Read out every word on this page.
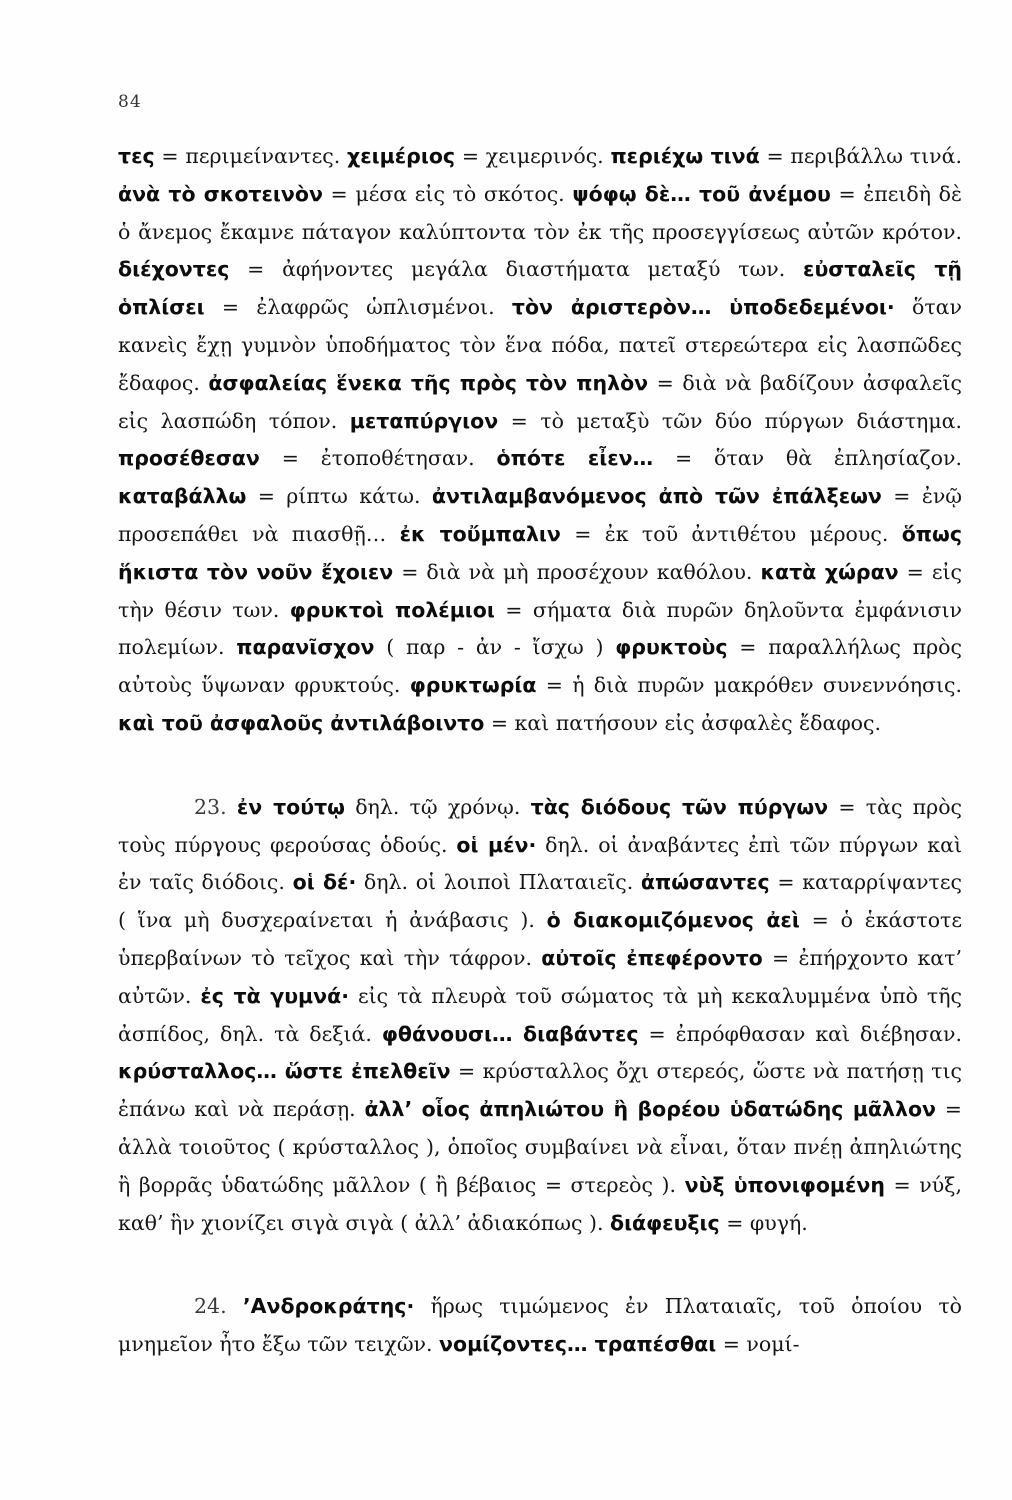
84

τες = περιμείναντες. χειμέριος = χειμερινός. περιέχω τινά = περιβάλλω τινά. ἀνὰ τὸ σκοτεινὸν = μέσα εἰς τὸ σκότος. ψόφῳ δὲ… τοῦ ἀνέμου = ἐπειδὴ δὲ ὁ ἄνεμος ἔκαμνε πάταγον καλύπτοντα τὸν ἐκ τῆς προσεγγίσεως αὐτῶν κρότον. διέχοντες = ἀφήνοντες μεγάλα διαστήματα μεταξύ των. εὐσταλεῖς τῇ ὁπλίσει = ἐλαφρῶς ὡπλισμένοι. τὸν ἀριστερὸν… ὑποδεδεμένοι· ὅταν κανεὶς ἔχῃ γυμνὸν ὑποδήματος τὸν ἕνα πόδα, πατεῖ στερεώτερα εἰς λασπῶδες ἔδαφος. ἀσφαλείας ἕνεκα τῆς πρὸς τὸν πηλὸν = διὰ νὰ βαδίζουν ἀσφαλεῖς εἰς λασπώδη τόπον. μεταπύργιον = τὸ μεταξὺ τῶν δύο πύργων διάστημα. προσέθεσαν = ἐτοποθέτησαν. ὁπότε εἶεν… = ὅταν θὰ ἐπλησίαζον. καταβάλλω = ρίπτω κάτω. ἀντιλαμβανόμενος ἀπὸ τῶν ἐπάλξεων = ἐνῷ προσεπάθει νὰ πιασθῇ… ἐκ τοὔμπαλιν = ἐκ τοῦ ἀντιθέτου μέρους. ὅπως ἥκιστα τὸν νοῦν ἔχοιεν = διὰ νὰ μὴ προσέχουν καθόλου. κατὰ χώραν = εἰς τὴν θέσιν των. φρυκτοὶ πολέμιοι = σήματα διὰ πυρῶν δηλοῦντα ἐμφάνισιν πολεμίων. παρανῖσχον ( παρ - ἀν - ἴσχω ) φρυκτοὺς = παραλλήλως πρὸς αὐτοὺς ὕψωναν φρυκτούς. φρυκτωρία = ἡ διὰ πυρῶν μακρόθεν συνεννόησις. καὶ τοῦ ἀσφαλοῦς ἀντιλάβοιντο = καὶ πατήσουν εἰς ἀσφαλὲς ἔδαφος.

23. ἐν τούτῳ δηλ. τῷ χρόνῳ. τὰς διόδους τῶν πύργων = τὰς πρὸς τοὺς πύργους φερούσας ὁδούς. οἱ μέν· δηλ. οἱ ἀναβάντες ἐπὶ τῶν πύργων καὶ ἐν ταῖς διόδοις. οἱ δέ· δηλ. οἱ λοιποὶ Πλαταιεῖς. ἀπώσαντες = καταρρίψαντες ( ἵνα μὴ δυσχεραίνεται ἡ ἀνάβασις ). ὁ διακομιζόμενος ἀεὶ = ὁ ἑκάστοτε ὑπερβαίνων τὸ τεῖχος καὶ τὴν τάφρον. αὐτοῖς ἐπεφέροντο = ἐπήρχοντο κατ’ αὐτῶν. ἐς τὰ γυμνά· εἰς τὰ πλευρὰ τοῦ σώματος τὰ μὴ κεκαλυμμένα ὑπὸ τῆς ἀσπίδος, δηλ. τὰ δεξιά. φθάνουσι… διαβάντες = ἐπρόφθασαν καὶ διέβησαν. κρύσταλλος… ὥστε ἐπελθεῖν = κρύσταλλος ὄχι στερεός, ὥστε νὰ πατήσῃ τις ἐπάνω καὶ νὰ περάσῃ. ἀλλ’ οἷος ἀπηλιώτου ἢ βορέου ὑδατώδης μᾶλλον = ἀλλὰ τοιοῦτος ( κρύσταλλος ), ὁποῖος συμβαίνει νὰ εἶναι, ὅταν πνέῃ ἀπηλιώτης ἢ βορρᾶς ὑδατώδης μᾶλλον ( ἢ βέβαιος = στερεὸς ). νὺξ ὑπονιφομένη = νύξ, καθ’ ἣν χιονίζει σιγὰ σιγὰ ( ἀλλ’ ἀδιακόπως ). διάφευξις = φυγή.

24. ’Ανδροκράτης· ἥρως τιμώμενος ἐν Πλαταιαῖς, τοῦ ὁποίου τὸ μνημεῖον ἦτο ἔξω τῶν τειχῶν. νομίζοντες… τραπέσθαι = νομί-
